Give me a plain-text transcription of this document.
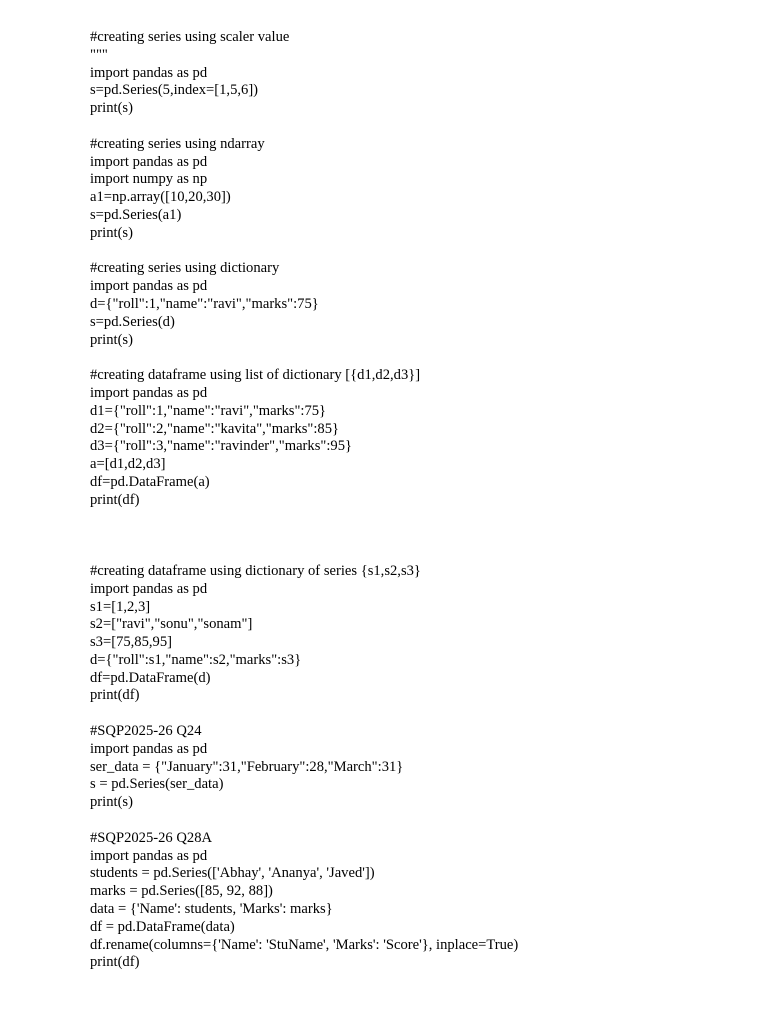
#creating series using scaler value
"""
import pandas as pd
s=pd.Series(5,index=[1,5,6])
print(s)
#creating series using ndarray
import pandas as pd
import numpy as np
a1=np.array([10,20,30])
s=pd.Series(a1)
print(s)
#creating series using dictionary
import pandas as pd
d={"roll":1,"name":"ravi","marks":75}
s=pd.Series(d)
print(s)
#creating dataframe using list of dictionary [{d1,d2,d3}]
import pandas as pd
d1={"roll":1,"name":"ravi","marks":75}
d2={"roll":2,"name":"kavita","marks":85}
d3={"roll":3,"name":"ravinder","marks":95}
a=[d1,d2,d3]
df=pd.DataFrame(a)
print(df)
#creating dataframe using dictionary of series {s1,s2,s3}
import pandas as pd
s1=[1,2,3]
s2=["ravi","sonu","sonam"]
s3=[75,85,95]
d={"roll":s1,"name":s2,"marks":s3}
df=pd.DataFrame(d)
print(df)
#SQP2025-26 Q24
import pandas as pd
ser_data = {"January":31,"February":28,"March":31}
s = pd.Series(ser_data)
print(s)
#SQP2025-26 Q28A
import pandas as pd
students = pd.Series(['Abhay', 'Ananya', 'Javed'])
marks = pd.Series([85, 92, 88])
data = {'Name': students, 'Marks': marks}
df = pd.DataFrame(data)
df.rename(columns={'Name': 'StuName', 'Marks': 'Score'}, inplace=True)
print(df)
